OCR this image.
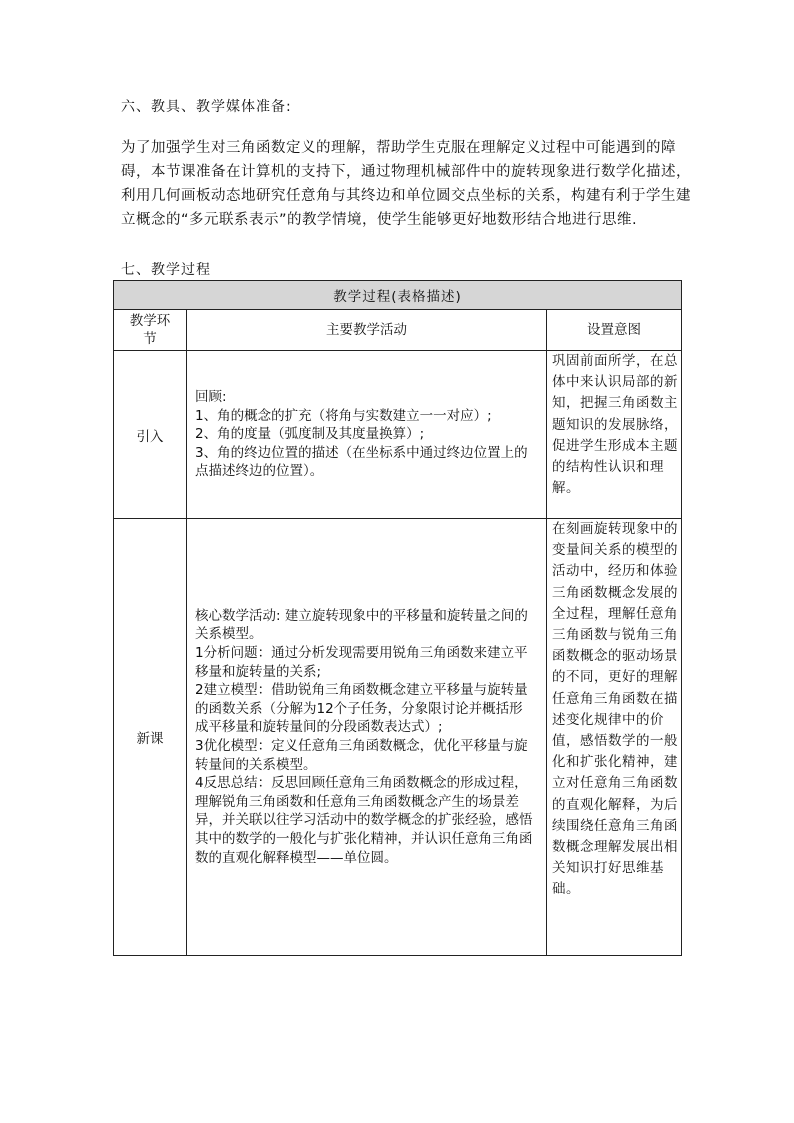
六、教具、教学媒体准备:
为了加强学生对三角函数定义的理解，帮助学生克服在理解定义过程中可能遇到的障碍，本节课准备在计算机的支持下，通过物理机械部件中的旋转现象进行数学化描述，利用几何画板动态地研究任意角与其终边和单位圆交点坐标的关系，构建有利于学生建立概念的“多元联系表示”的教学情境，使学生能够更好地数形结合地进行思维.
七、教学过程
教学过程(表格描述)		
教学环节	主要教学活动	设置意图
引入	回顾:
1、角的概念的扩充（将角与实数建立一一对应）;
2、角的度量（弧度制及其度量换算）;
3、角的终边位置的描述（在坐标系中通过终边位置上的点描述终边的位置）。	巩固前面所学，在总体中来认识局部的新知，把握三角函数主题知识的发展脉络，促进学生形成本主题的结构性认识和理解。
新课	核心数学活动: 建立旋转现象中的平移量和旋转量之间的关系模型。
1分析问题：通过分析发现需要用锐角三角函数来建立平移量和旋转量的关系;
2建立模型：借助锐角三角函数概念建立平移量与旋转量的函数关系（分解为12个子任务，分象限讨论并概括形成平移量和旋转量间的分段函数表达式）;
3优化模型：定义任意角三角函数概念，优化平移量与旋转量间的关系模型。
4反思总结：反思回顾任意角三角函数概念的形成过程，理解锐角三角函数和任意角三角函数概念产生的场景差异，并关联以往学习活动中的数学概念的扩张经验，感悟其中的数学的一般化与扩张化精神，并认识任意角三角函数的直观化解释模型——单位圆。	在刻画旋转现象中的变量间关系的模型的活动中，经历和体验三角函数概念发展的全过程，理解任意角三角函数与锐角三角函数概念的驱动场景的不同，更好的理解任意角三角函数在描述变化规律中的价值，感悟数学的一般化和扩张化精神，建立对任意角三角函数的直观化解释，为后续围绕任意角三角函数概念理解发展出相关知识打好思维基础。
